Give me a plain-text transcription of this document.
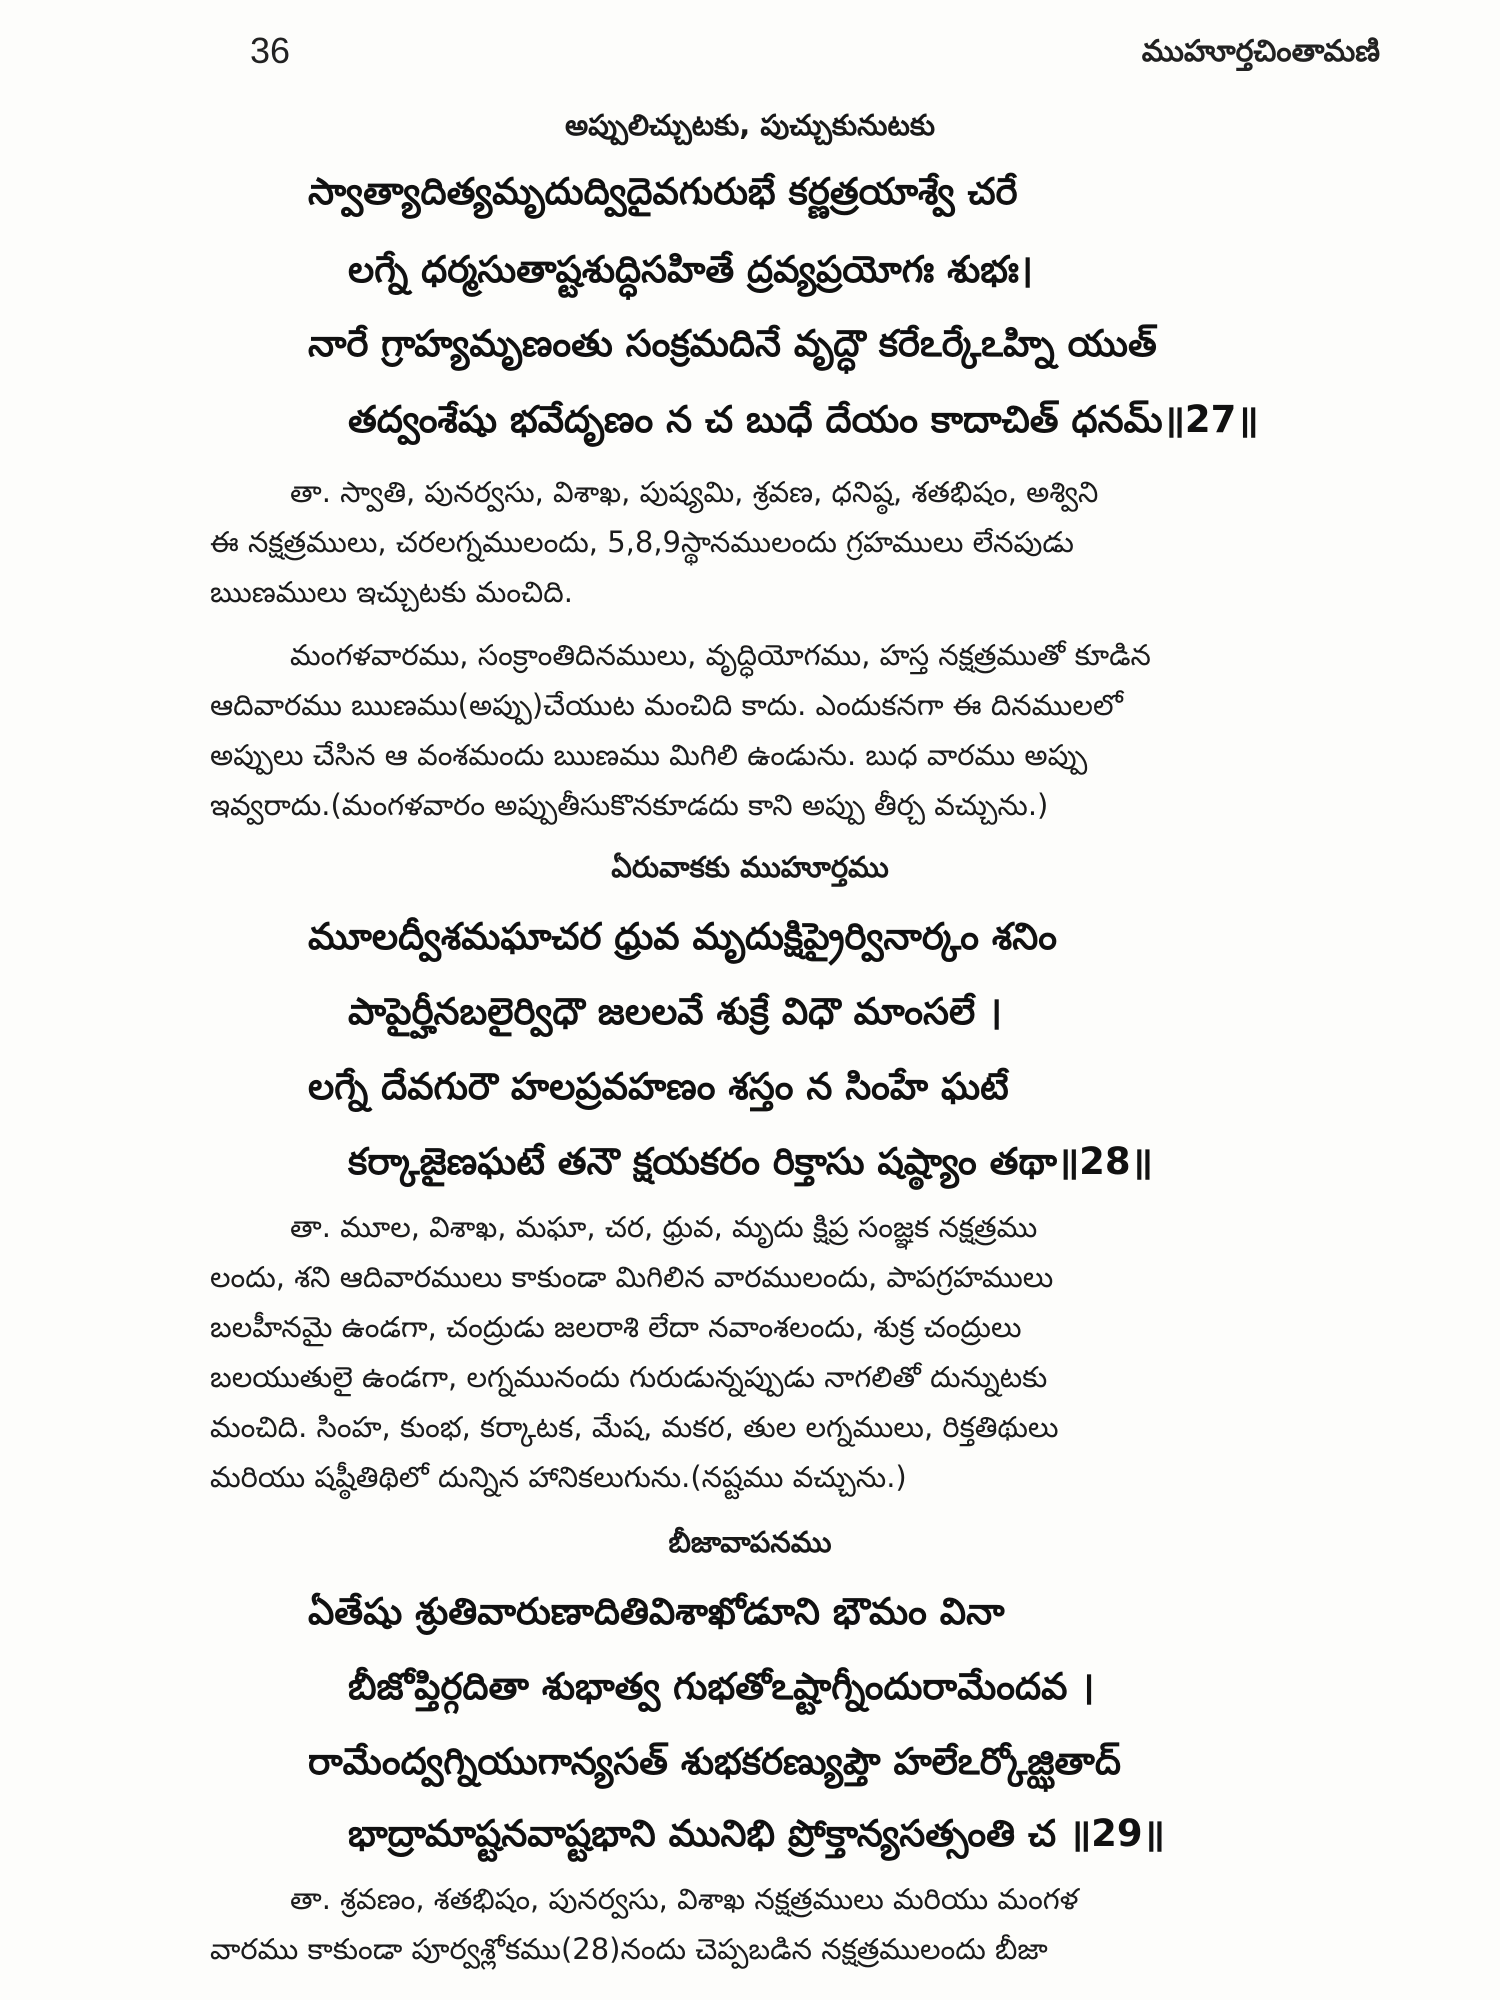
36	ముహూర్తచింతామణి
అప్పులిచ్చుటకు, పుచ్చుకునుటకు
స్వాత్యాదిత్యమృదుద్విదైవగురుభే కర్ణత్రయాశ్వే చరే
లగ్నే ధర్మసుతాష్టశుద్ధిసహితే ద్రవ్యప్రయోగః శుభః।
నారే గ్రాహ్యమృణంతు సంక్రమదినే వృద్ధౌ కరేఽర్కేఽహ్ని యుత్
తద్వంశేషు భవేదృణం న చ బుధే దేయం కాదాచిత్ ధనమ్॥27॥
తా. స్వాతి, పునర్వసు, విశాఖ, పుష్యమి, శ్రవణ, ధనిష్ఠ, శతభిషం, అశ్విని
ఈ నక్షత్రములు, చరలగ్నములందు, 5,8,9స్థానములందు గ్రహములు లేనపుడు
ఋణములు ఇచ్చుటకు మంచిది.
మంగళవారము, సంక్రాంతిదినములు, వృద్ధియోగము, హస్త నక్షత్రముతో కూడిన
ఆదివారము ఋణము(అప్పు)చేయుట మంచిది కాదు. ఎందుకనగా ఈ దినములలో
అప్పులు చేసిన ఆ వంశమందు ఋణము మిగిలి ఉండును. బుధ వారము అప్పు
ఇవ్వరాదు.(మంగళవారం అప్పుతీసుకొనకూడదు కాని అప్పు తీర్చ వచ్చును.)
ఏరువాకకు ముహూర్తము
మూలద్వీశమఘాచర ధ్రువ మృదుక్షిప్రైర్వినార్కం శనిం
పాపైర్హీనబలైర్విధౌ జలలవే శుక్రే విధౌ మాంసలే ।
లగ్నే దేవగురౌ హలప్రవహణం శస్తం న సింహే ఘటే
కర్కాజైణఘటే తనౌ క్షయకరం రిక్తాసు షష్ఠ్యాం తథా॥28॥
తా. మూల, విశాఖ, మఘా, చర, ధ్రువ, మృదు క్షిప్ర సంజ్ఞక నక్షత్రము
లందు, శని ఆదివారములు కాకుండా మిగిలిన వారములందు, పాపగ్రహములు
బలహీనమై ఉండగా, చంద్రుడు జలరాశి లేదా నవాంశలందు, శుక్ర చంద్రులు
బలయుతులై ఉండగా, లగ్నమునందు గురుడున్నప్పుడు నాగలితో దున్నుటకు
మంచిది. సింహ, కుంభ, కర్కాటక, మేష, మకర, తుల లగ్నములు, రిక్తతిథులు
మరియు షష్ఠీతిథిలో దున్నిన హానికలుగును.(నష్టము వచ్చును.)
బీజావాపనము
ఏతేషు శ్రుతివారుణాదితివిశాఖోడూని భౌమం వినా
బీజోప్తిర్గదితా శుభాత్వ గుభతోఽష్టాగ్నీందురామేందవ ।
రామేంద్వగ్నియుగాన్యసత్ శుభకరణ్యుప్తౌ హలేఽర్కోజ్ఝితాద్
భాద్రామాష్టనవాష్టభాని మునిభి ప్రోక్తాన్యసత్సంతి చ ॥29॥
తా. శ్రవణం, శతభిషం, పునర్వసు, విశాఖ నక్షత్రములు మరియు మంగళ
వారము కాకుండా పూర్వశ్లోకము(28)నందు చెప్పబడిన నక్షత్రములందు బీజా
